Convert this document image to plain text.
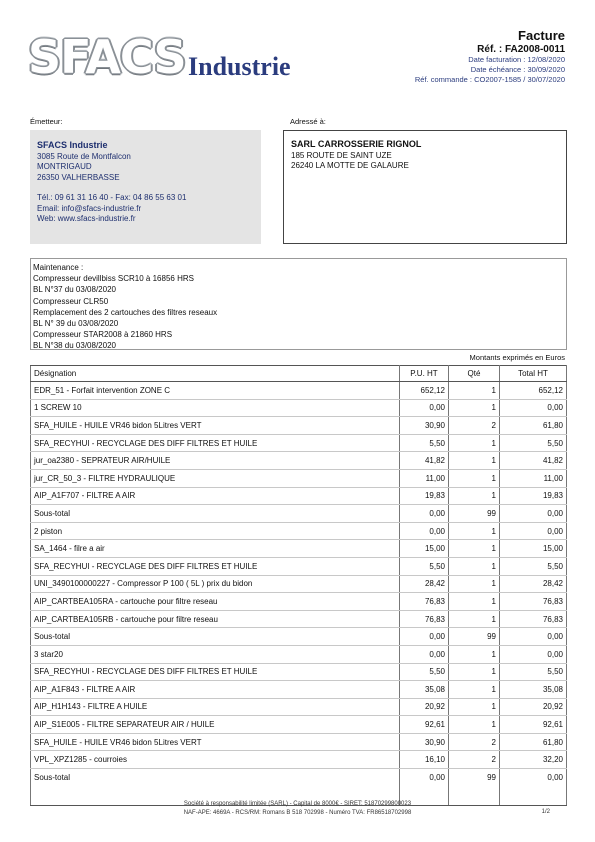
SFACS Industrie
Facture
Réf. : FA2008-0011
Date facturation : 12/08/2020
Date échéance : 30/09/2020
Réf. commande : CO2007-1585 / 30/07/2020
Émetteur:	Adressé à:
SFACS Industrie
3085 Route de Montfalcon
MONTRIGAUD
26350 VALHERBASSE
Tél.: 09 61 31 16 40 - Fax: 04 86 55 63 01
Email: info@sfacs-industrie.fr
Web: www.sfacs-industrie.fr
SARL CARROSSERIE RIGNOL
185 ROUTE DE SAINT UZE
26240 LA MOTTE DE GALAURE
Maintenance :
Compresseur devillbiss SCR10 à 16856 HRS
BL N°37 du 03/08/2020
Compresseur CLR50
Remplacement des 2 cartouches des filtres reseaux
BL N° 39 du 03/08/2020
Compresseur STAR2008 à 21860 HRS
BL N°38 du 03/08/2020
Montants exprimés en Euros
Désignation	P.U. HT	Qté	Total HT
EDR_51 - Forfait intervention ZONE C	652,12	1	652,12
1 SCREW 10	0,00	1	0,00
SFA_HUILE - HUILE VR46 bidon 5Litres VERT	30,90	2	61,80
SFA_RECYHUI - RECYCLAGE DES DIFF FILTRES ET HUILE	5,50	1	5,50
jur_oa2380 - SEPRATEUR AIR/HUILE	41,82	1	41,82
jur_CR_50_3 - FILTRE HYDRAULIQUE	11,00	1	11,00
AIP_A1F707 - FILTRE A AIR	19,83	1	19,83
Sous-total	0,00	99	0,00
2 piston	0,00	1	0,00
SA_1464 - filre a air	15,00	1	15,00
SFA_RECYHUI - RECYCLAGE DES DIFF FILTRES ET HUILE	5,50	1	5,50
UNI_3490100000227 - Compressor P 100 ( 5L ) prix du bidon	28,42	1	28,42
AIP_CARTBEA105RA - cartouche pour filtre reseau	76,83	1	76,83
AIP_CARTBEA105RB - cartouche pour filtre reseau	76,83	1	76,83
Sous-total	0,00	99	0,00
3 star20	0,00	1	0,00
SFA_RECYHUI - RECYCLAGE DES DIFF FILTRES ET HUILE	5,50	1	5,50
AIP_A1F843 - FILTRE A AIR	35,08	1	35,08
AIP_H1H143 - FILTRE A HUILE	20,92	1	20,92
AIP_S1E005 - FILTRE SEPARATEUR AIR / HUILE	92,61	1	92,61
SFA_HUILE - HUILE VR46 bidon 5Litres VERT	30,90	2	61,80
VPL_XPZ1285 - courroies	16,10	2	32,20
Sous-total	0,00	99	0,00
Société à responsabilité limitée (SARL) - Capital de 8000€ - SIRET: 51870299800023
NAF-APE: 4669A - RCS/RM: Romans B 518 702998 - Numéro TVA: FR86518702998	1/2
